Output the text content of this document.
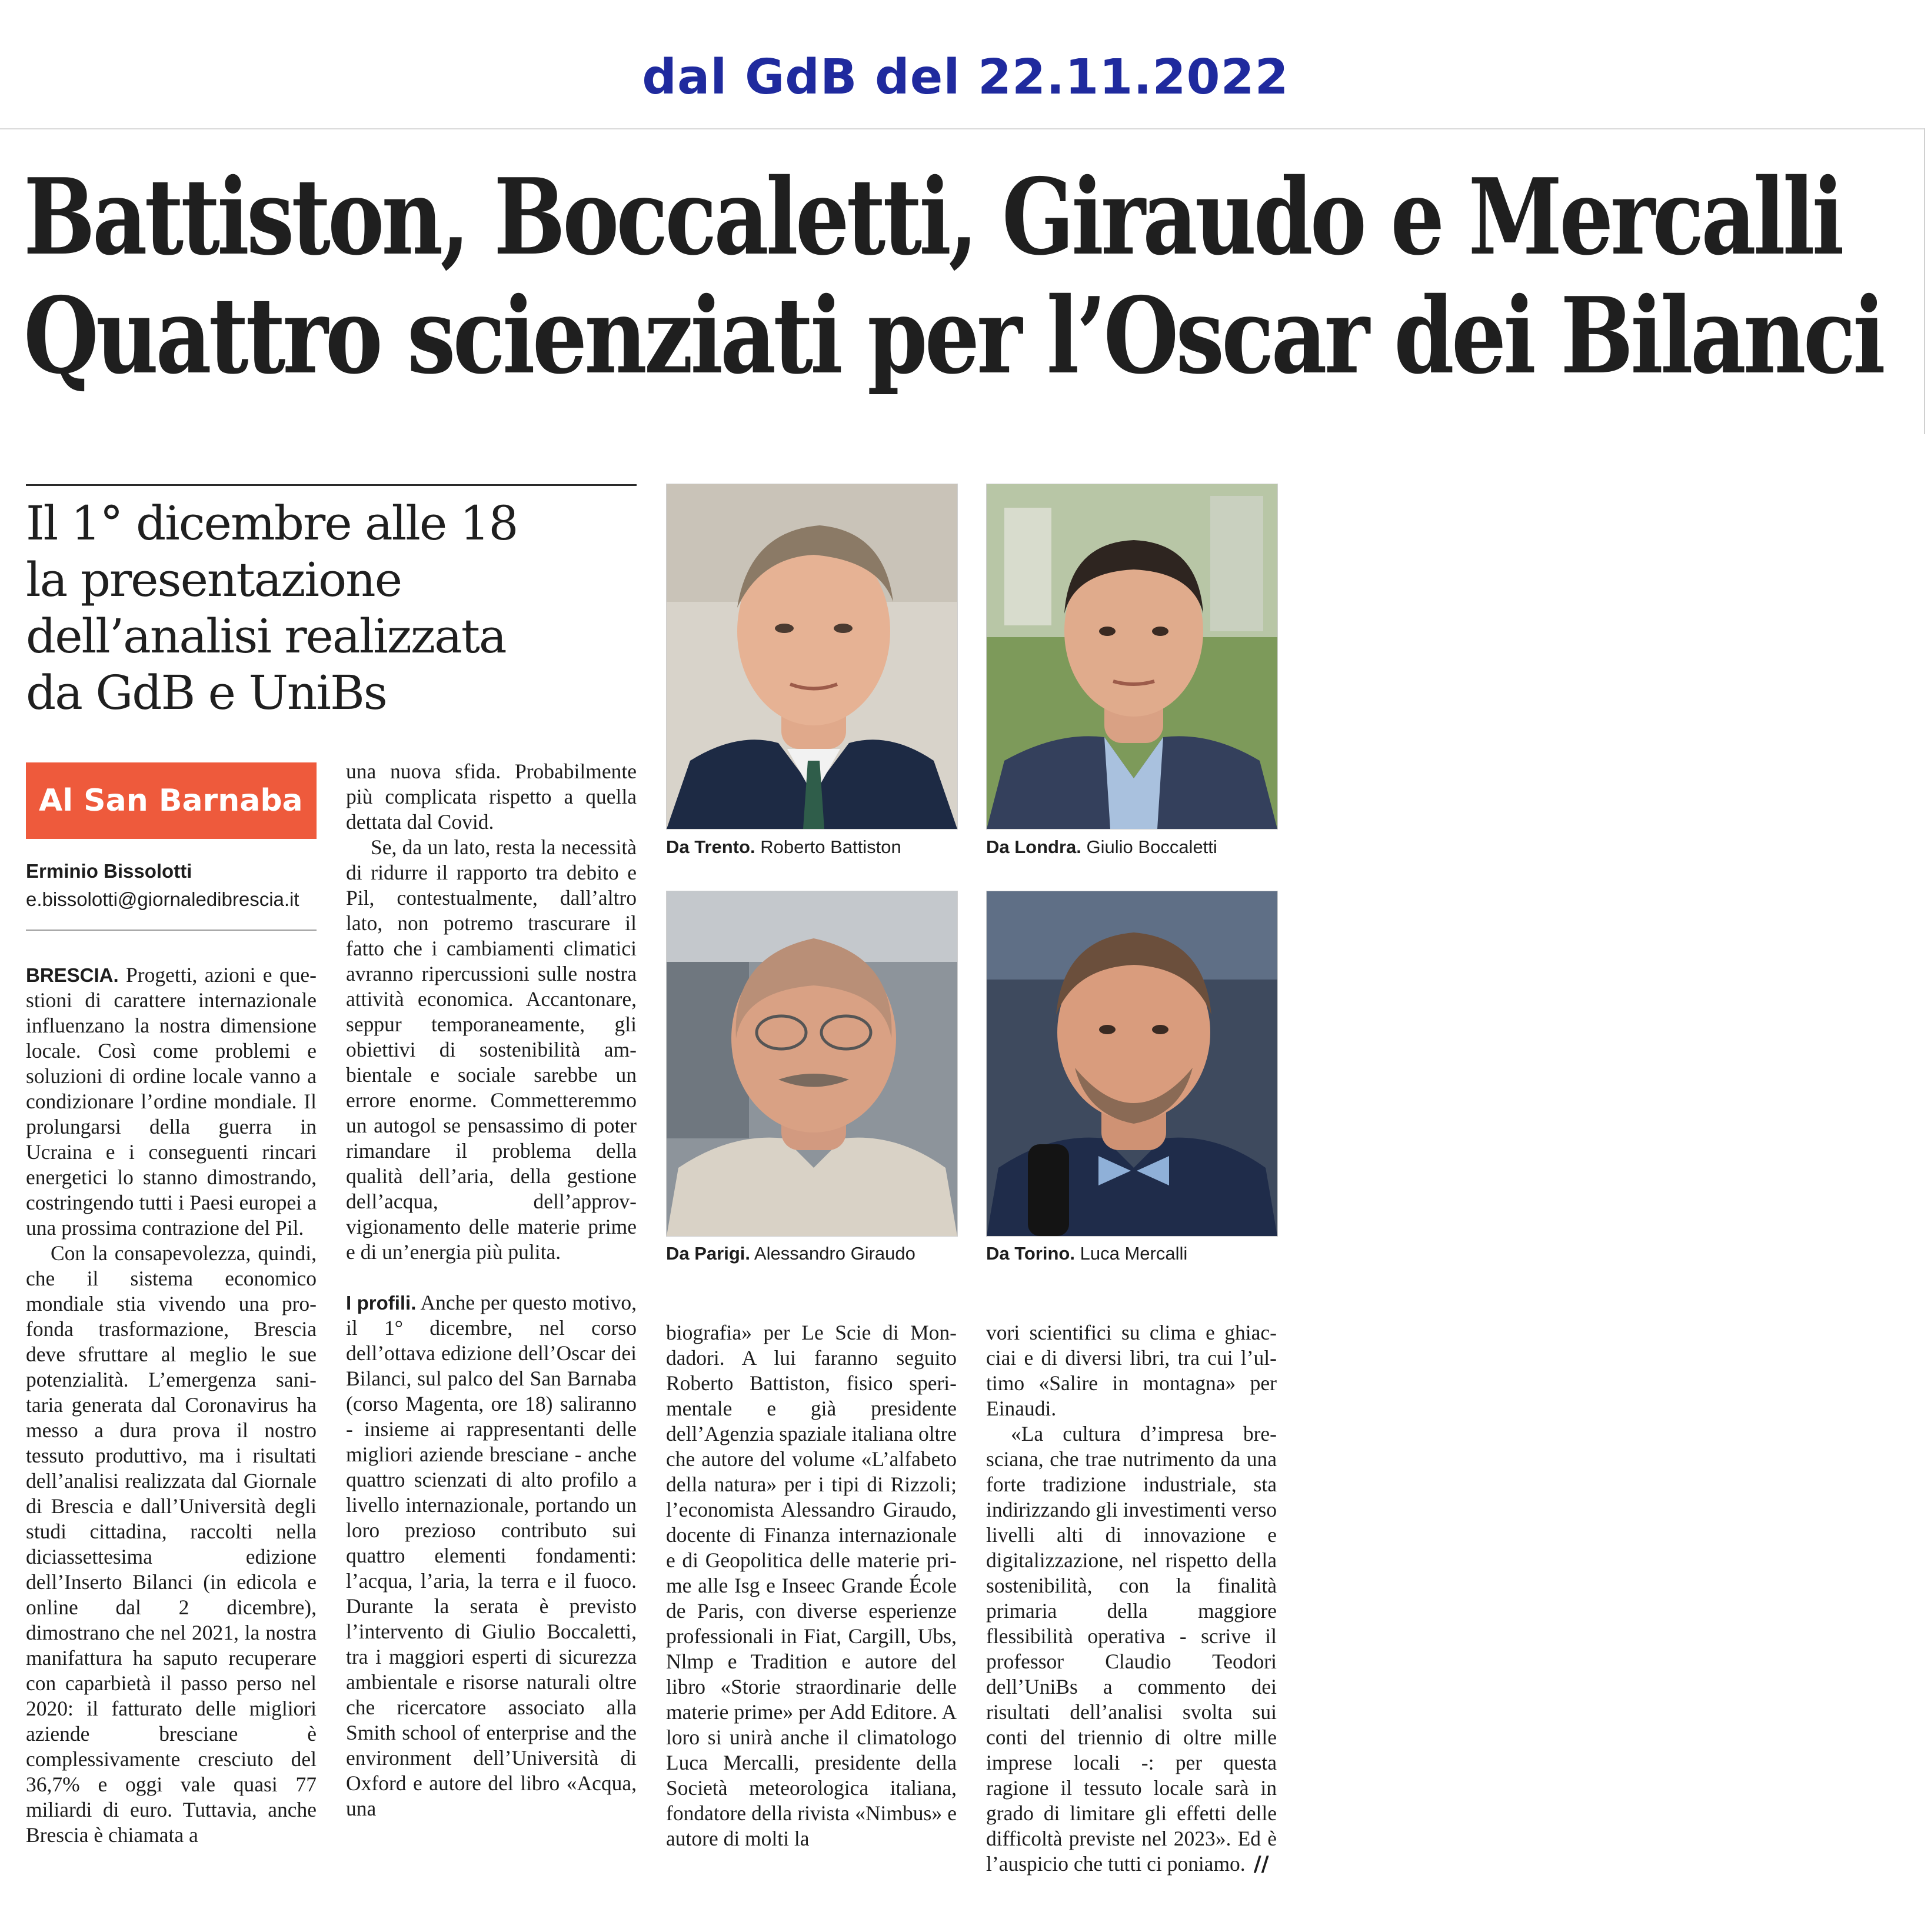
dal GdB del 22.11.2022
Battiston, Boccaletti, Giraudo e Mercalli
Quattro scienziati per l’Oscar dei Bilanci
Il 1° dicembre alle 18
la presentazione
dell’analisi realizzata
da GdB e UniBs
Al San Barnaba
Erminio Bissolotti
e.bissolotti@giornaledibrescia.it
Da Trento. Roberto Battiston	Da Londra. Giulio Boccaletti
Da Parigi. Alessandro Giraudo	Da Torino. Luca Mercalli

BRESCIA. Progetti, azioni e questioni di carattere internazionale influenzano la nostra dimensione locale. Così come problemi e soluzioni di ordine locale vanno a condizionare l’ordine mondiale. Il prolungarsi della guerra in Ucraina e i conseguenti rincari energetici lo stanno dimostrando, costringendo tutti i Paesi europei a una prossima contrazione del Pil.

Con la consapevolezza, quindi, che il sistema economico mondiale stia vivendo una profonda trasformazione, Brescia deve sfruttare al meglio le sue potenzialità. L’emergenza sanitaria generata dal Coronavirus ha messo a dura prova il nostro tessuto produttivo, ma i risultati dell’analisi realizzata dal Giornale di Brescia e dall’Università degli studi cittadina, raccolti nella diciassettesima edizione dell’Inserto Bilanci (in edicola e online dal 2 dicembre), dimostrano che nel 2021, la nostra manifattura ha saputo recuperare con caparbietà il passo perso nel 2020: il fatturato delle migliori aziende bresciane è complessivamente cresciuto del 36,7% e oggi vale quasi 77 miliardi di euro. Tuttavia, anche Brescia è chiamata a

una nuova sfida. Probabilmente più complicata rispetto a quella dettata dal Covid.

Se, da un lato, resta la necessità di ridurre il rapporto tra debito e Pil, contestualmente, dall’altro lato, non potremo trascurare il fatto che i cambiamenti climatici avranno ripercussioni sulle nostra attività economica. Accantonare, seppur temporaneamente, gli obiettivi di sostenibilità ambientale e sociale sarebbe un errore enorme. Commetteremmo un autogol se pensassimo di poter rimandare il problema della qualità dell’aria, della gestione dell’acqua, dell’approvvigionamento delle materie prime e di un’energia più pulita.

I profili. Anche per questo motivo, il 1° dicembre, nel corso dell’ottava edizione dell’Oscar dei Bilanci, sul palco del San Barnaba (corso Magenta, ore 18) saliranno - insieme ai rappresentanti delle migliori aziende bresciane - anche quattro scienzati di alto profilo a livello internazionale, portando un loro prezioso contributo sui quattro elementi fondamenti: l’acqua, l’aria, la terra e il fuoco. Durante la serata è previsto l’intervento di Giulio Boccaletti, tra i maggiori esperti di sicurezza ambientale e risorse naturali oltre che ricercatore associato alla Smith school of enterprise and the environment dell’Università di Oxford e autore del libro «Acqua, una

biografia» per Le Scie di Mondadori. A lui faranno seguito Roberto Battiston, fisico sperimentale e già presidente dell’Agenzia spaziale italiana oltre che autore del volume «L’alfabeto della natura» per i tipi di Rizzoli; l’economista Alessandro Giraudo, docente di Finanza internazionale e di Geopolitica delle materie prime alle Isg e Inseec Grande École de Paris, con diverse esperienze professionali in Fiat, Cargill, Ubs, Nlmp e Tradition e autore del libro «Storie straordinarie delle materie prime» per Add Editore. A loro si unirà anche il climatologo Luca Mercalli, presidente della Società meteorologica italiana, fondatore della rivista «Nimbus» e autore di molti la

vori scientifici su clima e ghiacciai e di diversi libri, tra cui l’ultimo «Salire in montagna» per Einaudi.

«La cultura d’impresa bresciana, che trae nutrimento da una forte tradizione industriale, sta indirizzando gli investimenti verso livelli alti di innovazione e digitalizzazione, nel rispetto della sostenibilità, con la finalità primaria della maggiore flessibilità operativa - scrive il professor Claudio Teodori dell’UniBs a commento dei risultati dell’analisi svolta sui conti del triennio di oltre mille imprese locali -: per questa ragione il tessuto locale sarà in grado di limitare gli effetti delle difficoltà previste nel 2023». Ed è l’auspicio che tutti ci poniamo. //
